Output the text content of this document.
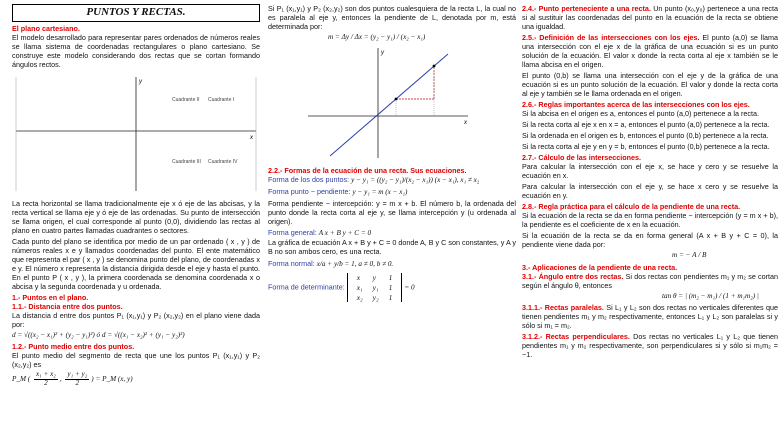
PUNTOS Y RECTAS.
El plano cartesiano.

El modelo desarrollado para representar pares ordenados de números reales se llama sistema de coordenadas rectangulares o plano cartesiano. Se construye este modelo considerando dos rectas que se cortan formando ángulos rectos.

y
x
Cuadrante II Cuadrante I
Cuadrante III Cuadrante IV

La recta horizontal se llama tradicionalmente eje x ó eje de las abcisas, y la recta vertical se llama eje y ó eje de las ordenadas. Su punto de intersección se llama origen, el cual corresponde al punto (0,0), dividiendo las rectas al plano en cuatro partes llamadas cuadrantes o sectores.

Cada punto del plano se identifica por medio de un par ordenado ( x , y ) de números reales x e y llamados coordenadas del punto. El ente matemático que representa el par ( x , y ) se denomina punto del plano, de coordenadas x e y. El número x representa la distancia dirigida desde el eje y hasta el punto. En el punto P ( x , y ), la primera coordenada se denomina coordenada x o abcisa y la segunda coordenada y u ordenada.

1.- Puntos en el plano.
1.1.- Distancia entre dos puntos.

La distancia d entre dos puntos P₁ (x₁,y₁) y P₂ (x₂,y₂) en el plano viene dada por:

d = √((x₂ − x₁)² + (y₂ − y₁)²) ó d = √((x₁ − x₂)² + (y₁ − y₂)²)
1.2.- Punto medio entre dos puntos.

El punto medio del segmento de recta que une los puntos P₁ (x₁,y₁) y P₂ (x₂,y₂) es

P_M ( $\frac{\text{x₁ + x₂}}{2}$ , $\frac{\text{y₁ + y₂}}{2}$ ) = P_M (x, y)

Si P₁ (x₁,y₁) y P₂ (x₂,y₂) son dos puntos cualesquiera de la recta L, la cual no es paralela al eje y, entonces la pendiente de L, denotada por m, está determinada por:

m = Δy / Δx = (y₂ − y₁) / (x₂ − x₁)
y
x
2.2.- Formas de la ecuación de una recta. Sus ecuaciones.
Forma de los dos puntos: y − y₁ = ((y₂ − y₁)/(x₂ − x₁)) (x − x₁), x₁ ≠ x₂
Forma punto − pendiente: y − y₁ = m (x − x₁)

Forma pendiente − intercepción: y = m x + b. El número b, la ordenada del punto donde la recta corta al eje y, se llama intercepción y (u ordenada al origen).

Forma general: A x + B y + C = 0

La gráfica de ecuación A x + B y + C = 0 donde A, B y C son constantes, y A y B no son ambos cero, es una recta.

Forma normal: x/a + y/b = 1, a ≠ 0, b ≠ 0.
Forma de determinante:
x	y	1
x₁	y₁	1
x₂	y₂	1
= 0

2.4.- Punto perteneciente a una recta. Un punto (x₀,y₀) pertenece a una recta si al sustituir las coordenadas del punto en la ecuación de la recta se obtiene una igualdad.

2.5.- Definición de las intersecciones con los ejes. El punto (a,0) se llama una intersección con el eje x de la gráfica de una ecuación si es un punto solución de la ecuación. El valor x donde la recta corta al eje x también se le llama abcisa en el origen.

El punto (0,b) se llama una intersección con el eje y de la gráfica de una ecuación si es un punto solución de la ecuación. El valor y donde la recta corta al eje y también se le llama ordenada en el origen.

2.6.- Reglas importantes acerca de las intersecciones con los ejes.

Si la abcisa en el origen es a, entonces el punto (a,0) pertenece a la recta.

Si la recta corta al eje x en x = a, entonces el punto (a,0) pertenece a la recta.

Si la ordenada en el origen es b, entonces el punto (0,b) pertenece a la recta.

Si la recta corta al eje y en y = b, entonces el punto (0,b) pertenece a la recta.

2.7.- Cálculo de las intersecciones.

Para calcular la intersección con el eje x, se hace y cero y se resuelve la ecuación en x.

Para calcular la intersección con el eje y, se hace x cero y se resuelve la ecuación en y.

2.8.- Regla práctica para el cálculo de la pendiente de una recta.

Si la ecuación de la recta se da en forma pendiente − intercepción (y = m x + b), la pendiente es el coeficiente de x en la ecuación.

Si la ecuación de la recta se da en forma general (A x + B y + C = 0), la pendiente viene dada por:

m = − A / B
3.- Aplicaciones de la pendiente de una recta.

3.1.- Ángulo entre dos rectas. Si dos rectas con pendientes m₁ y m₂ se cortan según el ángulo θ, entonces

tan θ = | (m₂ − m₁) / (1 + m₁m₂) |

3.1.1.- Rectas paralelas. Si L₁ y L₂ son dos rectas no verticales diferentes que tienen pendientes m₁ y m₂ respectivamente, entonces L₁ y L₂ son paralelas si y sólo si m₁ = m₂.

3.1.2.- Rectas perpendiculares. Dos rectas no verticales L₁ y L₂ que tienen pendientes m₁ y m₂ respectivamente, son perpendiculares si y sólo si m₁m₂ = −1.
